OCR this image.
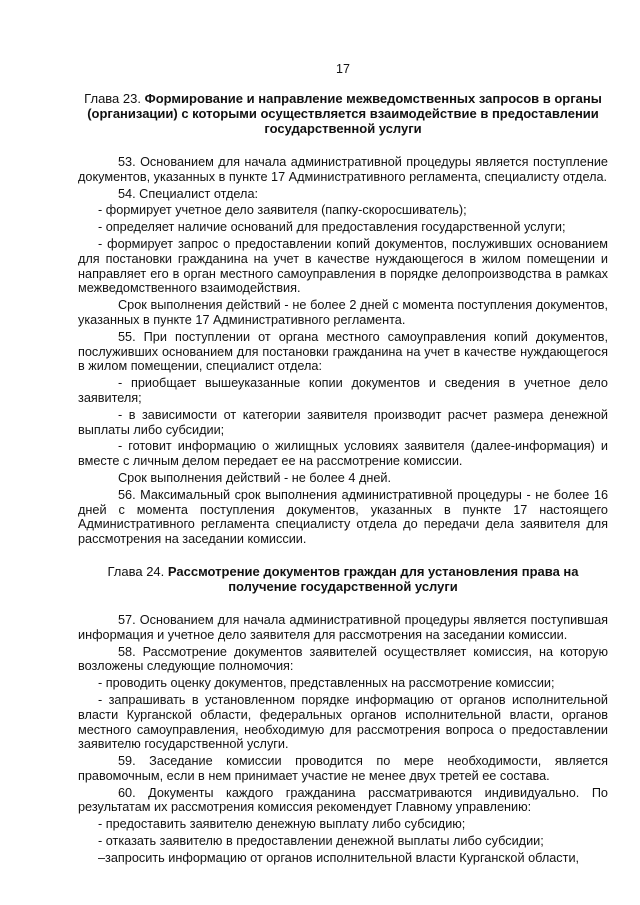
17
Глава 23. Формирование и направление межведомственных запросов в органы (организации) с которыми осуществляется взаимодействие в предоставлении государственной услуги
53. Основанием для начала административной процедуры является поступление документов, указанных в пункте 17 Административного регламента, специалисту отдела.
54. Специалист отдела:
- формирует учетное дело заявителя (папку-скоросшиватель);
- определяет наличие оснований для предоставления государственной услуги;
- формирует запрос о предоставлении копий документов, послуживших основанием для постановки гражданина на учет в качестве нуждающегося в жилом помещении и направляет его в орган местного самоуправления в порядке делопроизводства в рамках межведомственного взаимодействия.
Срок выполнения действий - не более 2 дней с момента поступления документов, указанных в пункте 17 Административного регламента.
55. При поступлении от органа местного самоуправления копий документов, послуживших основанием для постановки гражданина на учет в качестве нуждающегося в жилом помещении, специалист отдела:
- приобщает вышеуказанные копии документов и сведения в учетное дело заявителя;
- в зависимости от категории заявителя производит расчет размера денежной выплаты либо субсидии;
- готовит информацию о жилищных условиях заявителя (далее-информация) и вместе с личным делом передает ее на рассмотрение комиссии.
Срок выполнения действий - не более 4 дней.
56. Максимальный срок выполнения административной процедуры - не более 16 дней с момента поступления документов, указанных в пункте 17 настоящего Административного регламента специалисту отдела до передачи дела заявителя для рассмотрения на заседании комиссии.
Глава 24. Рассмотрение документов граждан для установления права на получение государственной услуги
57. Основанием для начала административной процедуры является поступившая информация и учетное дело заявителя для рассмотрения на заседании комиссии.
58. Рассмотрение документов заявителей осуществляет комиссия, на которую возложены следующие полномочия:
- проводить оценку документов, представленных на рассмотрение комиссии;
- запрашивать в установленном порядке информацию от органов исполнительной власти Курганской области, федеральных органов исполнительной власти, органов местного самоуправления, необходимую для рассмотрения вопроса о предоставлении заявителю государственной услуги.
59. Заседание комиссии проводится по мере необходимости, является правомочным, если в нем принимает участие не менее двух третей ее состава.
60. Документы каждого гражданина рассматриваются индивидуально. По результатам их рассмотрения комиссия рекомендует Главному управлению:
- предоставить заявителю денежную выплату либо субсидию;
- отказать заявителю в предоставлении денежной выплаты либо субсидии;
–запросить информацию от органов исполнительной власти Курганской области,
